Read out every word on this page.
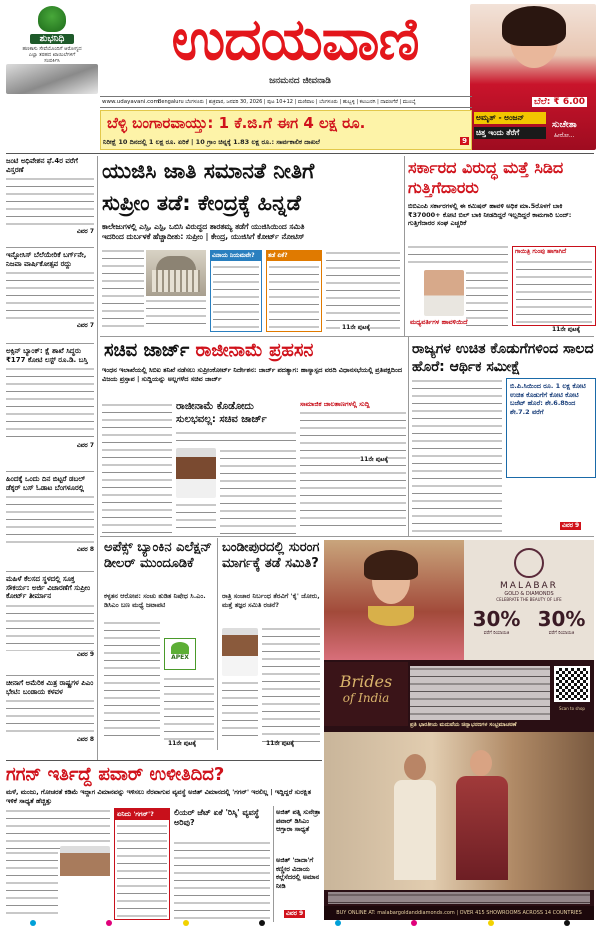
ಶುಭನಿಧಿ
ಹಣಕಾಸು ಸೇವೆಯೊಂದಿಗೆ ಆರೋಗ್ಯದ
ಎಲ್ಲಾ ತರಹದ ಖಾಯಿಲೆಗಳಿಗೆ
ಸಂಪರ್ಕಿಸಿ	ಉದಯವಾಣಿ
ಜನಮನದ ಜೀವನಾಡಿ
www.udayavani.com Bengaluru ಬೆಂಗಳೂರು | ಶುಕ್ರವಾರ, ಜನವರಿ 30, 2026 | ಪುಟ 10+12 | ಮಣಿಪಾಲ | ಬೆಂಗಳೂರು | ಹುಬ್ಬಳ್ಳಿ | ಕಲಬುರಗಿ | ದಾವಣಗೆರೆ | ಮುಂಬೈ	ಬೆಲೆ: ₹ 6.00
ಬೆಳ್ಳಿ ಬಂಗಾರವಾಯ್ತು: 1 ಕೆ.ಜಿ.ಗೆ ಈಗ 4 ಲಕ್ಷ ರೂ.
ನಿರೀಕ್ಷೆ 10 ದಿನದಲ್ಲಿ 1 ಲಕ್ಷ ರೂ. ಏರಿಕೆ | 10 ಗ್ರಾಂ ಚಿನ್ನಕ್ಕೆ 1.83 ಲಕ್ಷ ರೂ.: ಸಾರ್ವಕಾಲಿಕ ದಾಖಲೆ	9
ಅಮೃತ್ - ಅಂಜನ್
ಚಿತ್ತ ಇಂದು ತೆರೆಗೆ
ಸುಚೇತಾ
ಹೀರೋ...
ಜಂಟಿ ಅಧಿವೇಶನ ಫೆ.4ರ ವರೆಗೆ ವಿಸ್ತರಣೆ
ವಿವರ 7
ಇನ್ಫೋಸಿಸ್ ಬೆಲೆಯೇರಿಕೆ ಬರ್ಗ್‌ನೇ, ನಿಜವಾ ವಾರ್ಷಿಕೋತ್ಸವ ರದ್ದು
ವಿವರ 7
ಅಕ್ಸಿನ್ ಬ್ಯಾಂಕ್: ಕ್ಷೆ ಶಾಖೆ ಸಿದ್ಧರು ₹177 ಕೋಟಿ ಲಸ್ಟ್ ರೂ.ಡಿ. ಬಸ್ತಿ
ವಿವರ 7
ಹಿಂದಕ್ಕೆ ಒಂದು ದಿನ ಬಿಟ್ಟರೆ ಡಬಲ್ ಡೆಕ್ಕರ್ ಬಸ್ ಓಡಾಟ ಬೆಂಗಳೂರಲ್ಲಿ
ವಿವರ 8
ಮಹಿಳೆ ಕೆಲಸದ ಸ್ಥಳದಲ್ಲಿ ಸೂಕ್ತ ಸೌಕರ್ಯ: ಅರ್ಜಿ ವಿಚಾರಣೆಗೆ ಸುಪ್ರೀಂ ಕೋರ್ಟ್ ತೀರ್ಮಾನ
ವಿವರ 9
ಚೀನಾಗೆ ಅಮೆರಿಕ ಮಿತ್ರ ರಾಷ್ಟ್ರಗಳ ಪಿಎಂ ಭೇಟಿ: ಬಂಡಾಯ ಕಳವಳ
ವಿವರ 8
ಯುಜಿಸಿ ಜಾತಿ ಸಮಾನತೆ ನೀತಿಗೆ
ಸುಪ್ರೀಂ ತಡೆ: ಕೇಂದ್ರಕ್ಕೆ ಹಿನ್ನಡೆ
ಕಾಲೇಜುಗಳಲ್ಲಿ ಎಸ್ಸಿ, ಎಸ್ಟಿ, ಒಬಿಸಿ ವಿರುದ್ಧದ ತಾರತಮ್ಯ ತಡೆಗೆ ಯುಜಿಸಿಯಿಂದ ಸಮಿತಿ ಇದರಿಂದ ದುರ್ಬಳಕೆ ಹೆಚ್ಚಾದೀತು: ಸುಪ್ರೀಂ | ಕೇಂದ್ರ, ಯುಜಿಸಿಗೆ ಕೋರ್ಟ್ ನೋಟಿಸ್
ವಿನಾಯ ನಿಯಮವೇ?	ತಡೆ ಏಕೆ?
11ನೇ ಪುಟಕ್ಕೆ
ಸರ್ಕಾರದ ವಿರುದ್ಧ ಮತ್ತೆ ಸಿಡಿದ ಗುತ್ತಿಗೆದಾರರು
ಬಿಬಿಎಂಪಿ ಸರ್ಕಾರಗಳಲ್ಲಿ ಈ ಕಮಿಷನ್ ಹಾವಳಿ ಅಧಿಕ ಮಾ.5ರೊಳಗೆ ಬಾಕಿ ₹37000+ ಕೋಟಿ ಬಿಲ್ ಬಾಕಿ ನೀಡದಿದ್ದರೆ ಇಲ್ಲದಿದ್ದರೆ ಕಾಮಗಾರಿ ಬಂದ್: ಗುತ್ತಿಗೆದಾರರ ಸಂಘ ಎಚ್ಚರಿಕೆ
ಗಾಯಿತ್ರಿ ಗುಂಪು ಹಾಗಾಗಿದೆ
11ನೇ ಪುಟಕ್ಕೆ
ಮಧ್ಯವರ್ತಿಗಳ ಹಾವಳಿಯಿದೆ
ಸಚಿವ ಜಾರ್ಜ್ ರಾಜೀನಾಮೆ ಪ್ರಹಸನ
ಇಂಧನ ಇಲಾಖೆಯಲ್ಲಿ ಸಿಬಿಐ ತನಿಖೆ ನಡೆಸಲು ಸುಪ್ರೀಂಕೋರ್ಟ್‌ ನಿರ್ದೇಶನ: ಜಾರ್ಜ್ ಪದತ್ಯಾಗ: ಹಾಸ್ಯಾಸ್ಪದ ವರದಿ ವಿಧಾನಸಭೆಯಲ್ಲಿ ಪ್ರತಿಪಕ್ಷದಿಂದ ವಿಜಯ ಪ್ರಸ್ತಾಪ | ಸುದ್ದಿಯನ್ನು ಅಲ್ಲಗಳೆದ ಸಚಿವ ಜಾರ್ಜ್
ರಾಜೀನಾಮೆ ಕೊಡೋದು ಸುಲಭವಲ್ಲ: ಸಚಿವ ಜಾರ್ಜ್
ಸಾಮಾಜಿಕ ಜಾಲತಾಣಗಳಲ್ಲಿ ಸುದ್ದಿ
11ನೇ ಪುಟಕ್ಕೆ
ರಾಜ್ಯಗಳ ಉಚಿತ ಕೊಡುಗೆಗಳಿಂದ ಸಾಲದ ಹೊರೆ: ಆರ್ಥಿಕ ಸಮೀಕ್ಷೆ
ಬಿ.ಪಿ.ಸಿಯಿಂದ ರೂ. 1 ಲಕ್ಷ ಕೋಟಿ ಉಚಿತ ಕೊಡುಗೆಗೆ ಕೋಟಿ ಕೋಟಿ ಬಜೆಟ್ ಹೊರೆ: ಶೇ.6.8ರಿಂದ ಶೇ.7.2 ವರೆಗೆ
ವಿವರ 9
ಅಪೆಕ್ಸ್ ಬ್ಯಾಂಕಿನ ಎಲೆಕ್ಷನ್ ಡೀಲರ್ ಮುಂದೂಡಿಕೆ
ಕಳ್ಳತನ ಆರೋಪ: ಸಂಚು ತುಡಿತ ನಿಷೇಧ ಸಿ.ಎಂ. ಡಿಸಿಎಂ ಬಣ ಮಧ್ಯೆ ಜಟಾಪಟಿ
APEX
11ನೇ ಪುಟಕ್ಕೆ
ಬಂಡೀಪುರದಲ್ಲಿ ಸುರಂಗ ಮಾರ್ಗಕ್ಕೆ ತಡೆ ಸಮಿತಿ?
ರಾತ್ರಿ ಸಂಚಾರ ನಿರ್ಬಂಧ ತೆರವಿಗೆ 'ಕೈ' ಜೋರು, ಮತ್ತೆ ತಜ್ಞರ ಸಮಿತಿ ರಚನೆ?
11ನೇ ಪುಟಕ್ಕೆ
MALABAR
GOLD & DIAMONDS
CELEBRATE THE BEAUTY OF LIFE
30%
ವರೆಗೆ ರಿಯಾಯಿತಿ
30%
ವರೆಗೆ ರಿಯಾಯಿತಿ
Brides
of India
Scan to shop
ಪ್ರತಿ ಭಾರತೀಯ ಮದುವೆಯ ಚಿನ್ನಾಭರಣಗಳ ಸಂಭ್ರಮಾಚರಣೆ
BUY ONLINE AT: malabargoldanddiamonds.com | OVER 415 SHOWROOMS ACROSS 14 COUNTRIES
ಗಗನ್ ಇರ್ತಿದ್ದೆ ಪವಾರ್ ಉಳೀತಿದಿದ?
ಮಳೆ, ಮಂಜು, ಗೋಚರತೆ ಕಡಿಮೆ ಇದ್ದಾಗ ವಿಮಾನವನ್ನು ಇಳಿಸಲು ನೆರವಾಗುವ ವ್ಯವಸ್ಥೆ ಅಜಿತ್ ವಿಮಾನದಲ್ಲಿ 'ಗಗನ್' ಇರಲಿಲ್ಲ | ಇದ್ದಿದ್ದರೆ ಸುರಕ್ಷಿತ ಇಳಿಕೆ ಸಾಧ್ಯತೆ ಹೆಚ್ಚಿತ್ತು
ಏನಿದು 'ಗಗನ್'?	ಲಿಯರ್ ಜೆಟ್ ಏಕೆ 'ರಿಸ್ಕಿ' ವ್ಯವಸ್ಥೆ ಅರಿವು?
ಅಜಿತ್ ಪತ್ನಿ ಸುನೇತ್ರಾ ಪವಾರ್ ಡಿಸಿಎಂ ಆಗ್ತಾರಾ ಸಾಧ್ಯತೆ
ಅಜಿತ್ 'ದಾದಾ'ಗೆ ಕಣ್ಣೀರ ವಿದಾಯ ಕಲ್ಲೆಸೆದರಲ್ಲಿ ಅಮಾನ ನೀಡಿ
ವಿವರ 9
